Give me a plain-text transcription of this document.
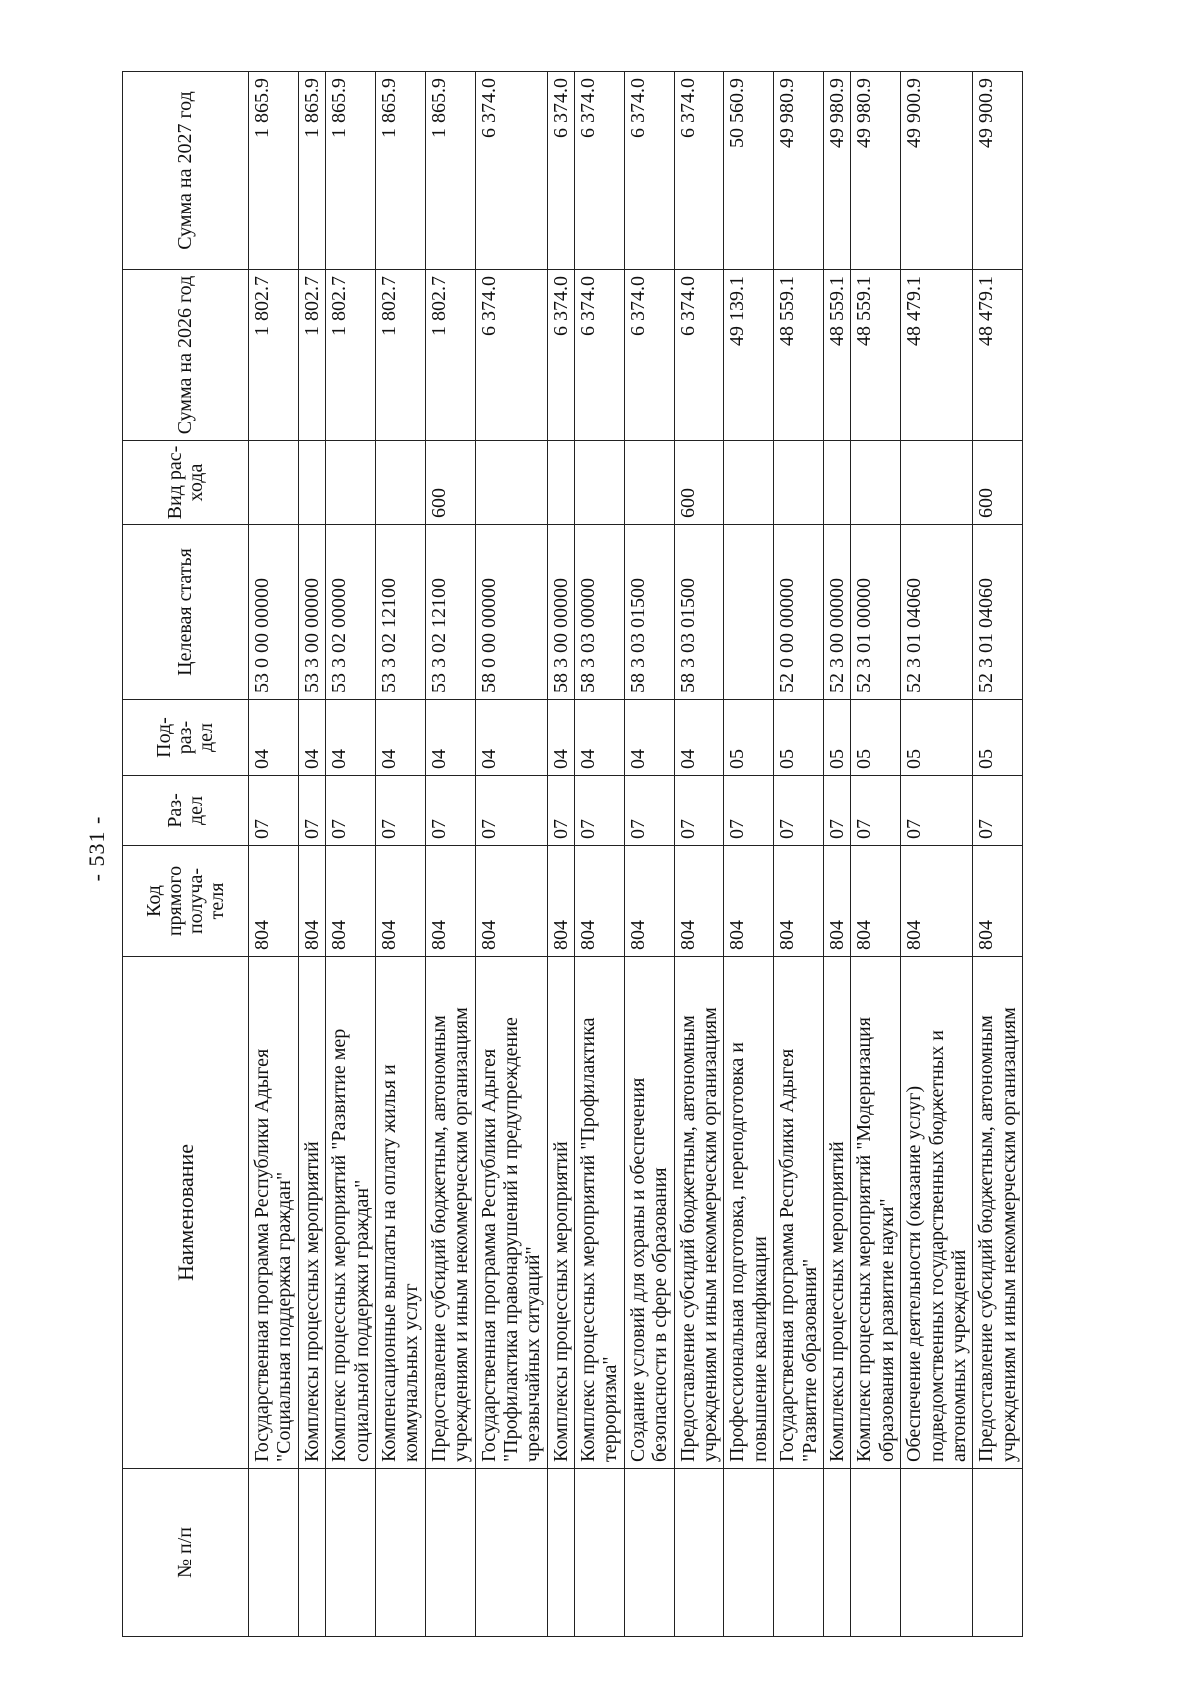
- 531 -
№ п/п	Наименование	Код прямого получа- теля	Раз- дел	Под- раз- дел	Целевая статья	Вид рас- хода	Сумма на 2026 год	Сумма на 2027 год
	Государственная программа Республики Адыгея "Социальная поддержка граждан"	804	07	04	53 0 00 00000		1 802.7	1 865.9
	Комплексы процессных мероприятий	804	07	04	53 3 00 00000		1 802.7	1 865.9
	Комплекс процессных мероприятий "Развитие мер социальной поддержки граждан"	804	07	04	53 3 02 00000		1 802.7	1 865.9
	Компенсационные выплаты на оплату жилья и коммунальных услуг	804	07	04	53 3 02 12100		1 802.7	1 865.9
	Предоставление субсидий бюджетным, автономным учреждениям и иным некоммерческим организациям	804	07	04	53 3 02 12100	600	1 802.7	1 865.9
	Государственная программа Республики Адыгея "Профилактика правонарушений и предупреждение чрезвычайных ситуаций"	804	07	04	58 0 00 00000		6 374.0	6 374.0
	Комплексы процессных мероприятий	804	07	04	58 3 00 00000		6 374.0	6 374.0
	Комплекс процессных мероприятий "Профилактика терроризма"	804	07	04	58 3 03 00000		6 374.0	6 374.0
	Создание условий для охраны и обеспечения безопасности в сфере образования	804	07	04	58 3 03 01500		6 374.0	6 374.0
	Предоставление субсидий бюджетным, автономным учреждениям и иным некоммерческим организациям	804	07	04	58 3 03 01500	600	6 374.0	6 374.0
	Профессиональная подготовка, переподготовка и повышение квалификации	804	07	05			49 139.1	50 560.9
	Государственная программа Республики Адыгея "Развитие образования"	804	07	05	52 0 00 00000		48 559.1	49 980.9
	Комплексы процессных мероприятий	804	07	05	52 3 00 00000		48 559.1	49 980.9
	Комплекс процессных мероприятий "Модернизация образования и развитие науки"	804	07	05	52 3 01 00000		48 559.1	49 980.9
	Обеспечение деятельности (оказание услуг) подведомственных государственных бюджетных и автономных учреждений	804	07	05	52 3 01 04060		48 479.1	49 900.9
	Предоставление субсидий бюджетным, автономным учреждениям и иным некоммерческим организациям	804	07	05	52 3 01 04060	600	48 479.1	49 900.9
